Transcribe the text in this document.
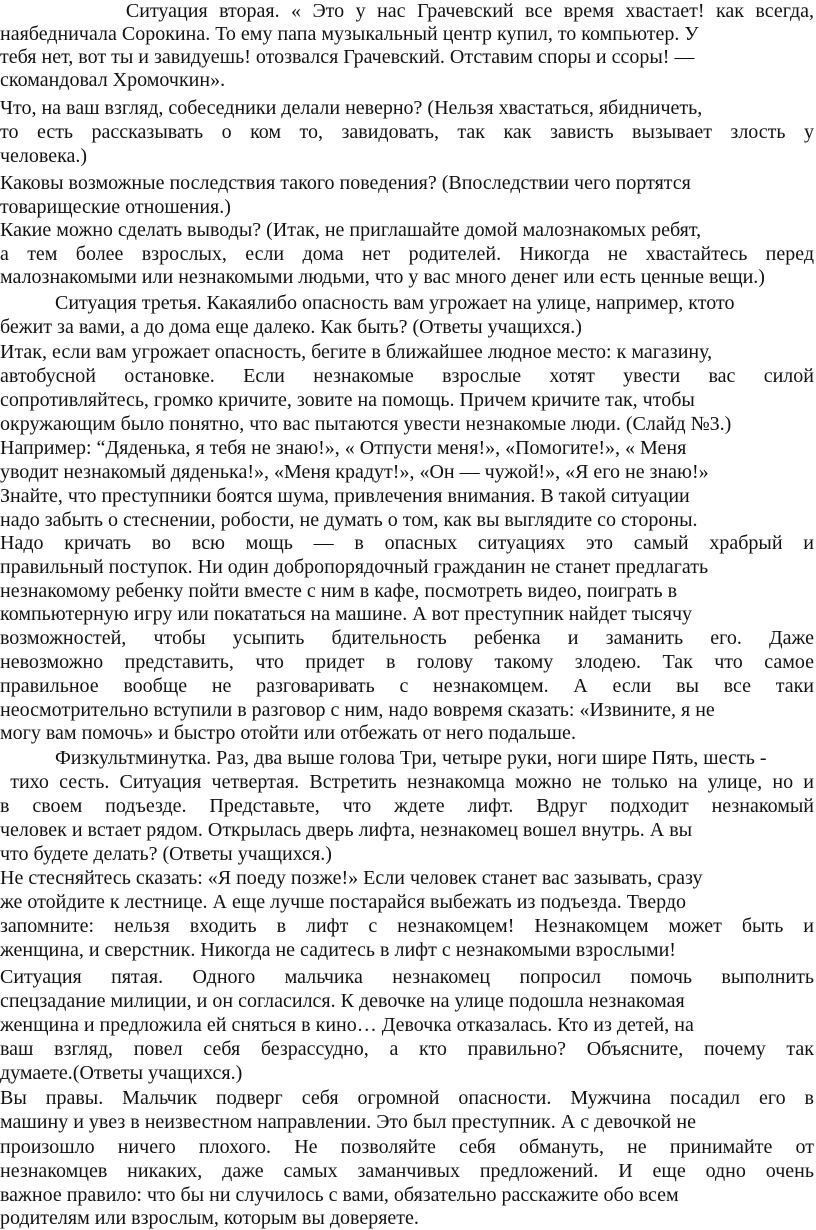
Ситуация вторая. « Это у нас Грачевский все время хвастает! как всегда,
наябедничала Сорокина. То ему папа музыкальный центр купил, то компьютер. У
тебя нет, вот ты и завидуешь! отозвался Грачевский. Отставим споры и ссоры! —
скомандовал Хромочкин».
Что, на ваш взгляд, собеседники делали неверно? (Нельзя хвастаться, ябидничеть,
то есть рассказывать о ком то, завидовать, так как зависть вызывает злость у
человека.)
Каковы возможные последствия такого поведения? (Впоследствии чего портятся
товарищеские отношения.)
Какие можно сделать выводы? (Итак, не приглашайте домой малознакомых ребят,
а тем более взрослых, если дома нет родителей. Никогда не хвастайтесь перед
малознакомыми или незнакомыми людьми, что у вас много денег или есть ценные вещи.)
Ситуация третья. Какаялибо опасность вам угрожает на улице, например, ктото
бежит за вами, а до дома еще далеко. Как быть? (Ответы учащихся.)
Итак, если вам угрожает опасность, бегите в ближайшее людное место: к магазину,
автобусной остановке. Если незнакомые взрослые хотят увести вас силой
сопротивляйтесь, громко кричите, зовите на помощь. Причем кричите так, чтобы
окружающим было понятно, что вас пытаются увести незнакомые люди. (Слайд №3.)
Например: “Дяденька, я тебя не знаю!», « Отпусти меня!», «Помогите!», « Меня
уводит незнакомый дяденька!», «Меня крадут!», «Он — чужой!», «Я его не знаю!»
Знайте, что преступники боятся шума, привлечения внимания. В такой ситуации
надо забыть о стеснении, робости, не думать о том, как вы выглядите со стороны.
Надо кричать во всю мощь — в опасных ситуациях это самый храбрый и
правильный поступок. Ни один добропорядочный гражданин не станет предлагать
незнакомому ребенку пойти вместе с ним в кафе, посмотреть видео, поиграть в
компьютерную игру или покататься на машине. А вот преступник найдет тысячу
возможностей, чтобы усыпить бдительность ребенка и заманить его. Даже
невозможно представить, что придет в голову такому злодею. Так что самое
правильное вообще не разговаривать с незнакомцем. А если вы все таки
неосмотрительно вступили в разговор с ним, надо вовремя сказать: «Извините, я не
могу вам помочь» и быстро отойти или отбежать от него подальше.
Физкультминутка. Раз, два выше голова Три, четыре руки, ноги шире Пять, шесть -
тихо сесть. Ситуация четвертая. Встретить незнакомца можно не только на улице, но и
в своем подъезде. Представьте, что ждете лифт. Вдруг подходит незнакомый
человек и встает рядом. Открылась дверь лифта, незнакомец вошел внутрь. А вы
что будете делать? (Ответы учащихся.)
Не стесняйтесь сказать: «Я поеду позже!» Если человек станет вас зазывать, сразу
же отойдите к лестнице. А еще лучше постарайся выбежать из подъезда. Твердо
запомните: нельзя входить в лифт с незнакомцем! Незнакомцем может быть и
женщина, и сверстник. Никогда не садитесь в лифт с незнакомыми взрослыми!
Ситуация пятая. Одного мальчика незнакомец попросил помочь выполнить
спецзадание милиции, и он согласился. К девочке на улице подошла незнакомая
женщина и предложила ей сняться в кино… Девочка отказалась. Кто из детей, на
ваш взгляд, повел себя безрассудно, а кто правильно? Объясните, почему так
думаете.(Ответы учащихся.)
Вы правы. Мальчик подверг себя огромной опасности. Мужчина посадил его в
машину и увез в неизвестном направлении. Это был преступник. А с девочкой не
произошло ничего плохого. Не позволяйте себя обмануть, не принимайте от
незнакомцев никаких, даже самых заманчивых предложений. И еще одно очень
важное правило: что бы ни случилось с вами, обязательно расскажите обо всем
родителям или взрослым, которым вы доверяете.
